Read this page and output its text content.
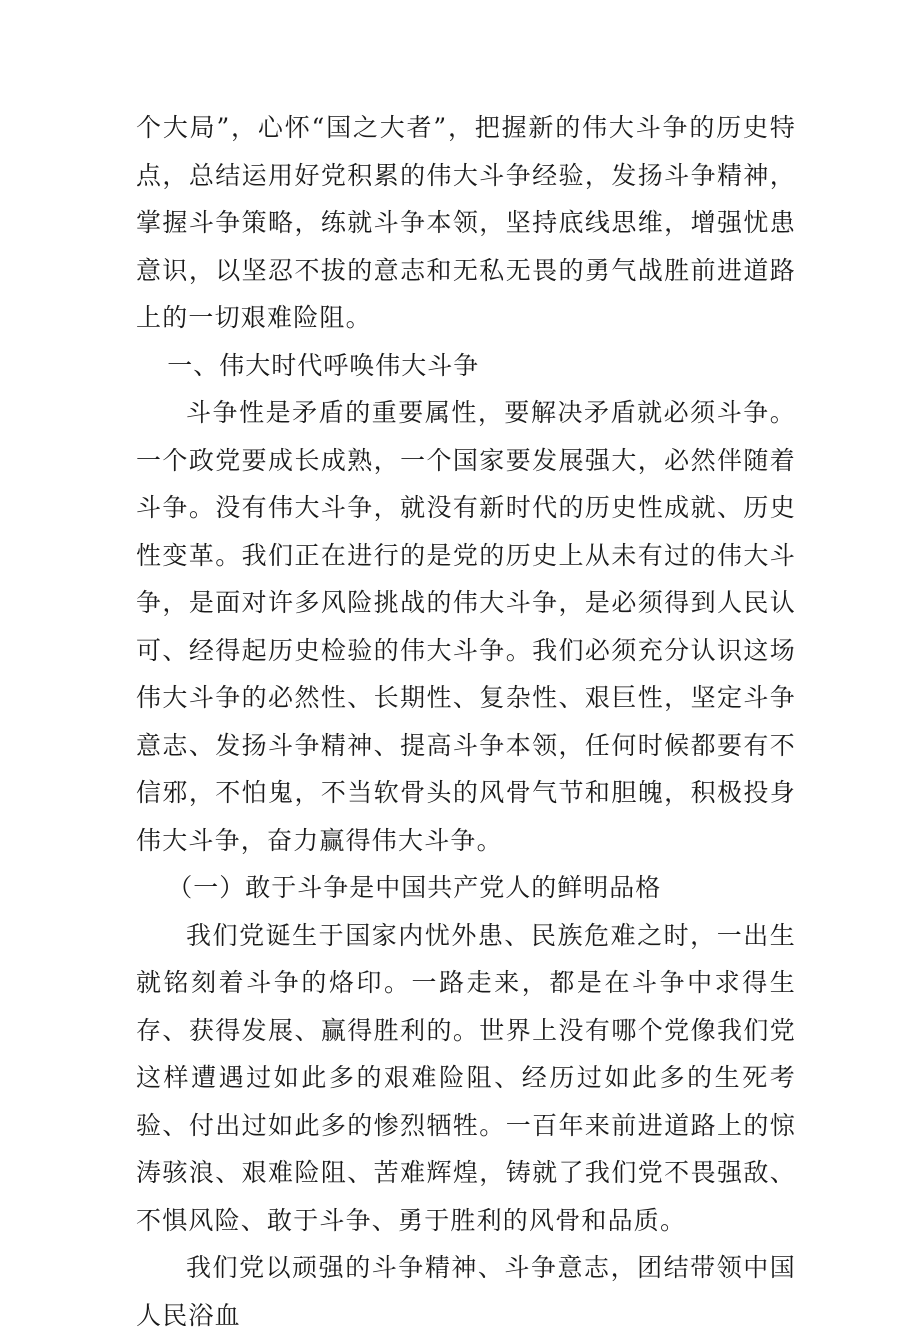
个大局”，心怀“国之大者”，把握新的伟大斗争的历史特点，总结运用好党积累的伟大斗争经验，发扬斗争精神，掌握斗争策略，练就斗争本领，坚持底线思维，增强忧患意识，以坚忍不拔的意志和无私无畏的勇气战胜前进道路上的一切艰难险阻。

一、伟大时代呼唤伟大斗争

斗争性是矛盾的重要属性，要解决矛盾就必须斗争。一个政党要成长成熟，一个国家要发展强大，必然伴随着斗争。没有伟大斗争，就没有新时代的历史性成就、历史性变革。我们正在进行的是党的历史上从未有过的伟大斗争，是面对许多风险挑战的伟大斗争，是必须得到人民认可、经得起历史检验的伟大斗争。我们必须充分认识这场伟大斗争的必然性、长期性、复杂性、艰巨性，坚定斗争意志、发扬斗争精神、提高斗争本领，任何时候都要有不信邪，不怕鬼，不当软骨头的风骨气节和胆魄，积极投身伟大斗争，奋力赢得伟大斗争。

（一）敢于斗争是中国共产党人的鲜明品格

我们党诞生于国家内忧外患、民族危难之时，一出生就铭刻着斗争的烙印。一路走来，都是在斗争中求得生存、获得发展、赢得胜利的。世界上没有哪个党像我们党这样遭遇过如此多的艰难险阻、经历过如此多的生死考验、付出过如此多的惨烈牺牲。一百年来前进道路上的惊涛骇浪、艰难险阻、苦难辉煌，铸就了我们党不畏强敌、不惧风险、敢于斗争、勇于胜利的风骨和品质。

我们党以顽强的斗争精神、斗争意志，团结带领中国人民浴血
